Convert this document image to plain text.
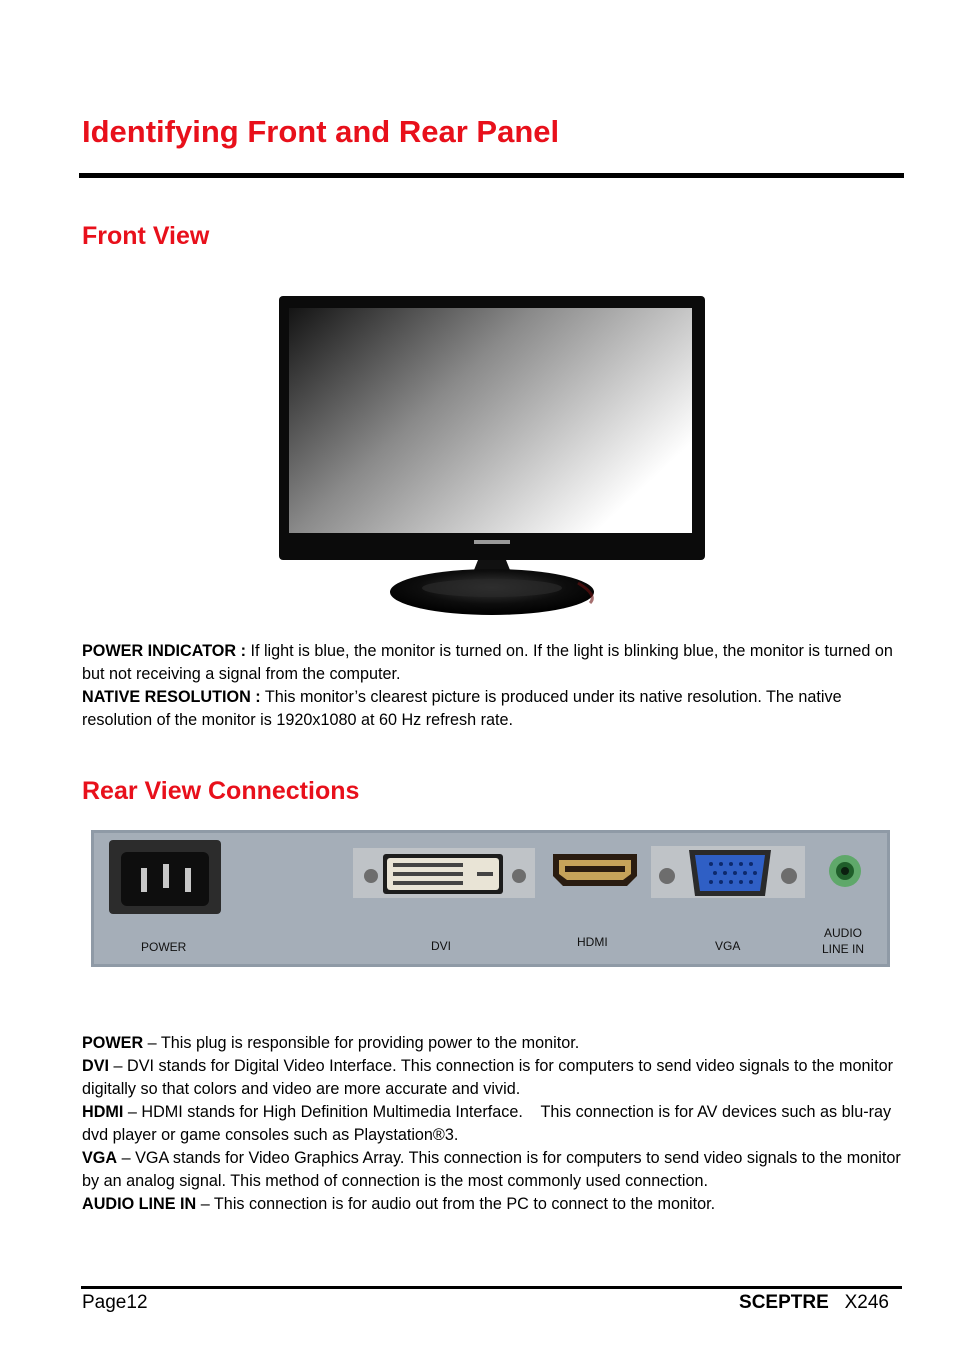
Identifying Front and Rear Panel
Front View

POWER INDICATOR : If light is blue, the monitor is turned on. If the light is blinking blue, the monitor is turned on but not receiving a signal from the computer.

NATIVE RESOLUTION : This monitor’s clearest picture is produced under its native resolution. The native resolution of the monitor is 1920x1080 at 60 Hz refresh rate.

Rear View Connections
POWER	DVI	HDMI	VGA
AUDIO
LINE IN

POWER – This plug is responsible for providing power to the monitor.

DVI – DVI stands for Digital Video Interface. This connection is for computers to send video signals to the monitor digitally so that colors and video are more accurate and vivid.

HDMI – HDMI stands for High Definition Multimedia Interface.    This connection is for AV devices such as blu-ray dvd player or game consoles such as Playstation®3.

VGA – VGA stands for Video Graphics Array. This connection is for computers to send video signals to the monitor by an analog signal. This method of connection is the most commonly used connection.

AUDIO LINE IN – This connection is for audio out from the PC to connect to the monitor.

Page12	SCEPTRE X246
